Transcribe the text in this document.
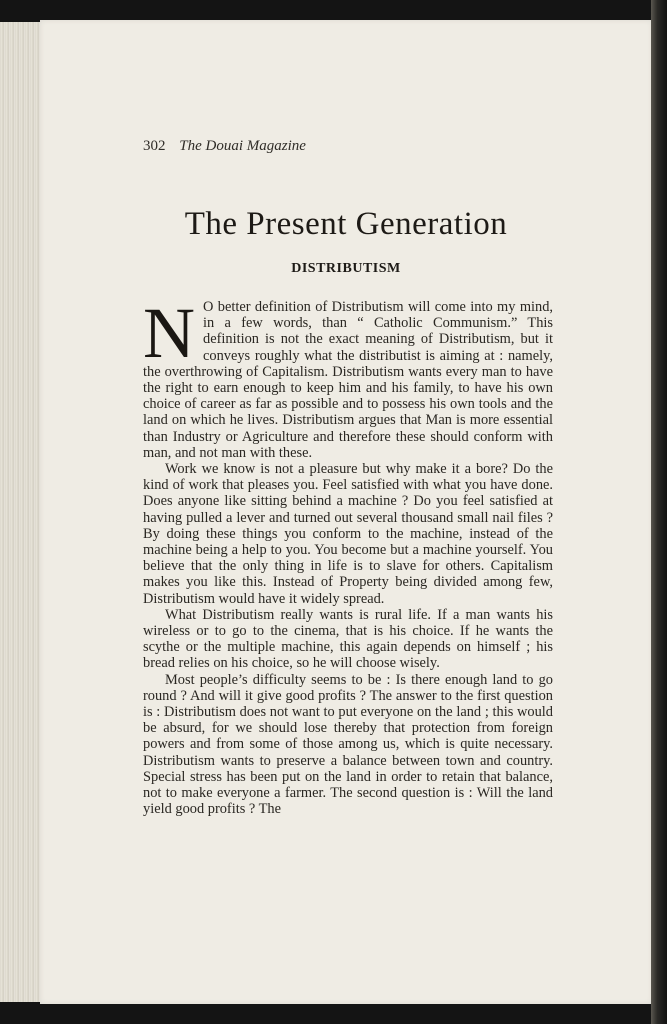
302 The Douai Magazine
The Present Generation
DISTRIBUTISM

N O better definition of Distributism will come into my mind, in a few words, than “ Catholic Communism.” This definition is not the exact meaning of Distributism, but it conveys roughly what the distributist is aiming at : namely, the overthrowing of Capitalism. Distributism wants every man to have the right to earn enough to keep him and his family, to have his own choice of career as far as possible and to possess his own tools and the land on which he lives. Distributism argues that Man is more essential than Industry or Agriculture and therefore these should conform with man, and not man with these.

Work we know is not a pleasure but why make it a bore? Do the kind of work that pleases you. Feel satisfied with what you have done. Does anyone like sitting behind a machine ? Do you feel satisfied at having pulled a lever and turned out several thousand small nail files ? By doing these things you conform to the machine, instead of the machine being a help to you. You become but a machine yourself. You believe that the only thing in life is to slave for others. Capitalism makes you like this. Instead of Property being divided among few, Distributism would have it widely spread.

What Distributism really wants is rural life. If a man wants his wireless or to go to the cinema, that is his choice. If he wants the scythe or the multiple machine, this again depends on himself ; his bread relies on his choice, so he will choose wisely.

Most people’s difficulty seems to be : Is there enough land to go round ? And will it give good profits ? The answer to the first question is : Distributism does not want to put everyone on the land ; this would be absurd, for we should lose thereby that protection from foreign powers and from some of those among us, which is quite necessary. Distributism wants to preserve a balance between town and country. Special stress has been put on the land in order to retain that balance, not to make everyone a farmer. The second question is : Will the land yield good profits ? The
